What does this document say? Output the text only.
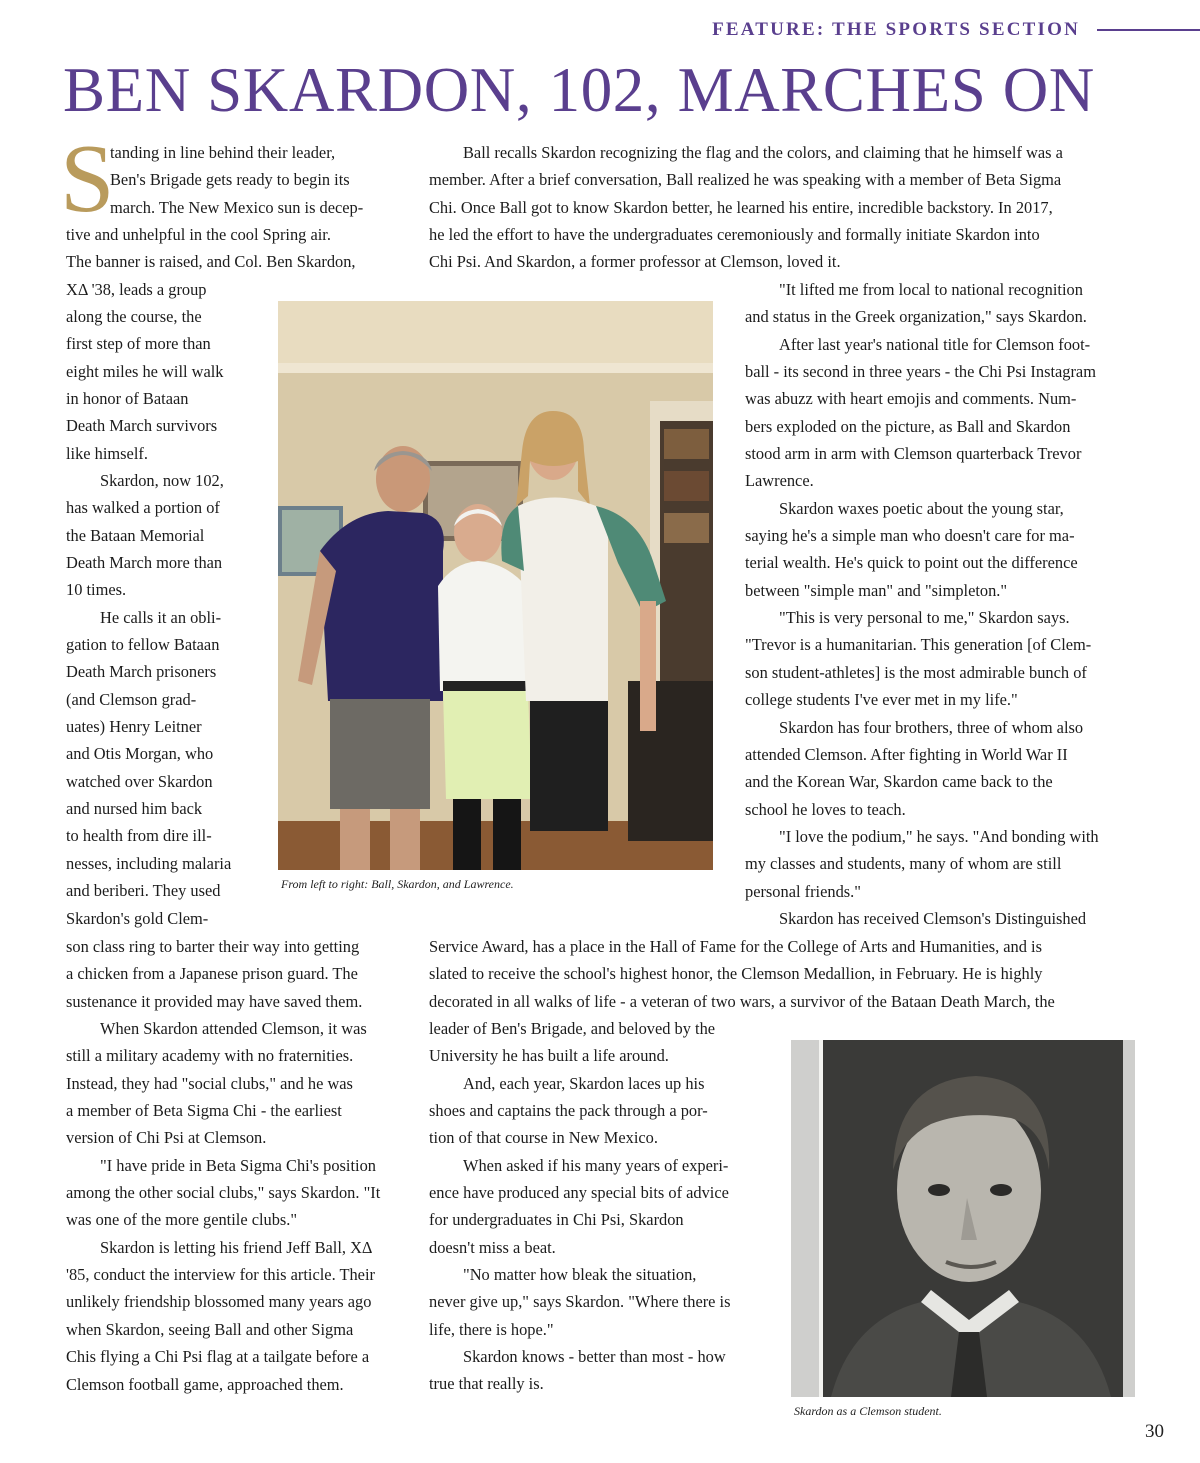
FEATURE: THE SPORTS SECTION
BEN SKARDON, 102, MARCHES ON
S
tanding in line behind their leader,
Ben's Brigade gets ready to begin its
march. The New Mexico sun is decep-
tive and unhelpful in the cool Spring air.
The banner is raised, and Col. Ben Skardon,
XΔ '38, leads a group
along the course, the
first step of more than
eight miles he will walk
in honor of Bataan
Death March survivors
like himself.

Skardon, now 102,
has walked a portion of
the Bataan Memorial
Death March more than
10 times.

He calls it an obli-
gation to fellow Bataan
Death March prisoners
(and Clemson grad-
uates) Henry Leitner
and Otis Morgan, who
watched over Skardon
and nursed him back
to health from dire ill-
nesses, including malaria
and beriberi. They used
Skardon's gold Clem-

son class ring to barter their way into getting
a chicken from a Japanese prison guard. The
sustenance it provided may have saved them.

When Skardon attended Clemson, it was
still a military academy with no fraternities.
Instead, they had "social clubs," and he was
a member of Beta Sigma Chi - the earliest
version of Chi Psi at Clemson.

"I have pride in Beta Sigma Chi's position
among the other social clubs," says Skardon. "It
was one of the more gentile clubs."

Skardon is letting his friend Jeff Ball, XΔ
'85, conduct the interview for this article. Their
unlikely friendship blossomed many years ago
when Skardon, seeing Ball and other Sigma
Chis flying a Chi Psi flag at a tailgate before a
Clemson football game, approached them.

Ball recalls Skardon recognizing the flag and the colors, and claiming that he himself was a
member. After a brief conversation, Ball realized he was speaking with a member of Beta Sigma
Chi. Once Ball got to know Skardon better, he learned his entire, incredible backstory. In 2017,
he led the effort to have the undergraduates ceremoniously and formally initiate Skardon into
Chi Psi. And Skardon, a former professor at Clemson, loved it.

"It lifted me from local to national recognition
and status in the Greek organization," says Skardon.

After last year's national title for Clemson foot-
ball - its second in three years - the Chi Psi Instagram
was abuzz with heart emojis and comments. Num-
bers exploded on the picture, as Ball and Skardon
stood arm in arm with Clemson quarterback Trevor
Lawrence.

Skardon waxes poetic about the young star,
saying he's a simple man who doesn't care for ma-
terial wealth. He's quick to point out the difference
between "simple man" and "simpleton."

"This is very personal to me," Skardon says.
"Trevor is a humanitarian. This generation [of Clem-
son student-athletes] is the most admirable bunch of
college students I've ever met in my life."

Skardon has four brothers, three of whom also
attended Clemson. After fighting in World War II
and the Korean War, Skardon came back to the
school he loves to teach.

"I love the podium," he says. "And bonding with
my classes and students, many of whom are still
personal friends."

Skardon has received Clemson's Distinguished

Service Award, has a place in the Hall of Fame for the College of Arts and Humanities, and is
slated to receive the school's highest honor, the Clemson Medallion, in February. He is highly
decorated in all walks of life - a veteran of two wars, a survivor of the Bataan Death March, the

leader of Ben's Brigade, and beloved by the
University he has built a life around.

And, each year, Skardon laces up his
shoes and captains the pack through a por-
tion of that course in New Mexico.

When asked if his many years of experi-
ence have produced any special bits of advice
for undergraduates in Chi Psi, Skardon
doesn't miss a beat.

"No matter how bleak the situation,
never give up," says Skardon. "Where there is
life, there is hope."

Skardon knows - better than most - how
true that really is.

From left to right: Ball, Skardon, and Lawrence.
Skardon as a Clemson student.
30
